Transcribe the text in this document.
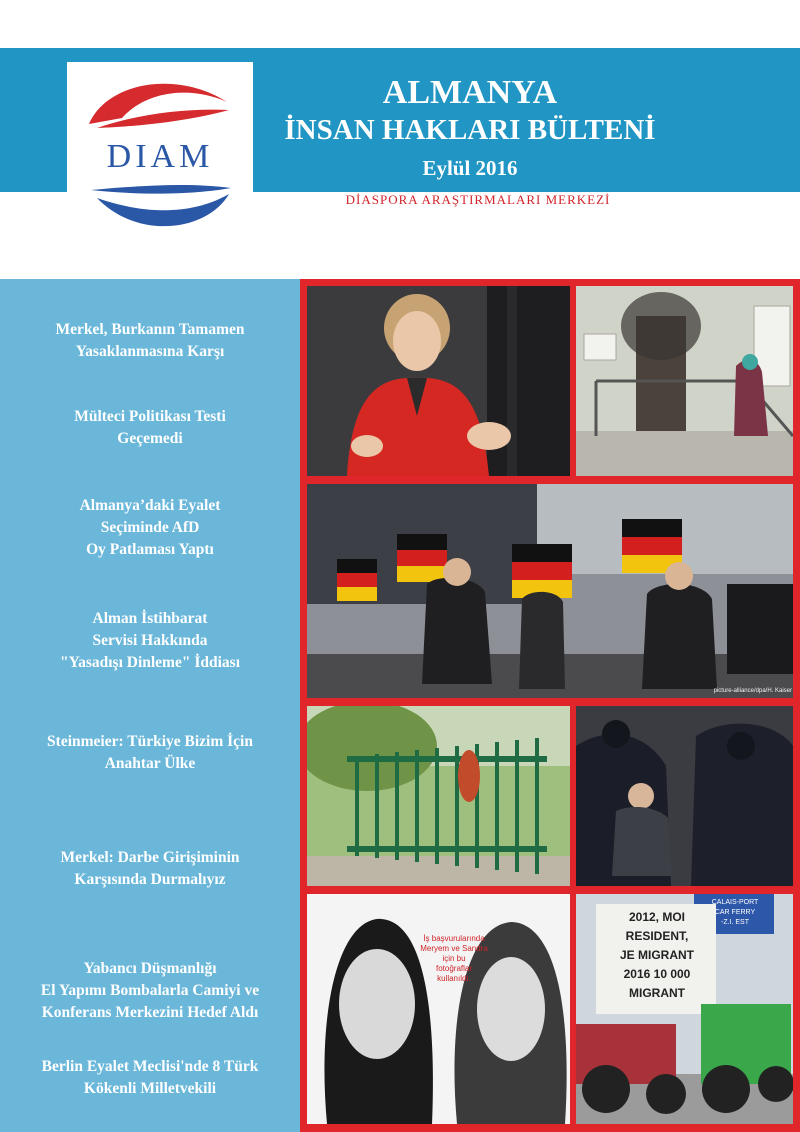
DIAM
ALMANYA
İNSAN HAKLARI BÜLTENİ
Eylül 2016
DİASPORA ARAŞTIRMALARI MERKEZİ

Merkel, Burkanın Tamamen
Yasaklanmasına Karşı

Mülteci Politikası Testi
Geçemedi

Almanya’daki Eyalet
Seçiminde AfD
Oy Patlaması Yaptı

Alman İstihbarat
Servisi Hakkında
"Yasadışı Dinleme" İddiası

Steinmeier: Türkiye Bizim İçin
Anahtar Ülke

Merkel: Darbe Girişiminin
Karşısında Durmalıyız

Yabancı Düşmanlığı
El Yapımı Bombalarla Camiyi ve
Konferans Merkezini Hedef Aldı

Berlin Eyalet Meclisi'nde 8 Türk
Kökenli Milletvekili

İş başvurularında
Meryem ve Sandra
için bu
fotoğraflar
kullanıldı.
2012, MOI
RESIDENT,
JE MIGRANT
2016 10 000
MIGRANT
CALAIS-PORT
CAR FERRY
-Z.I. EST
picture-alliance/dpa/H. Kaiser
